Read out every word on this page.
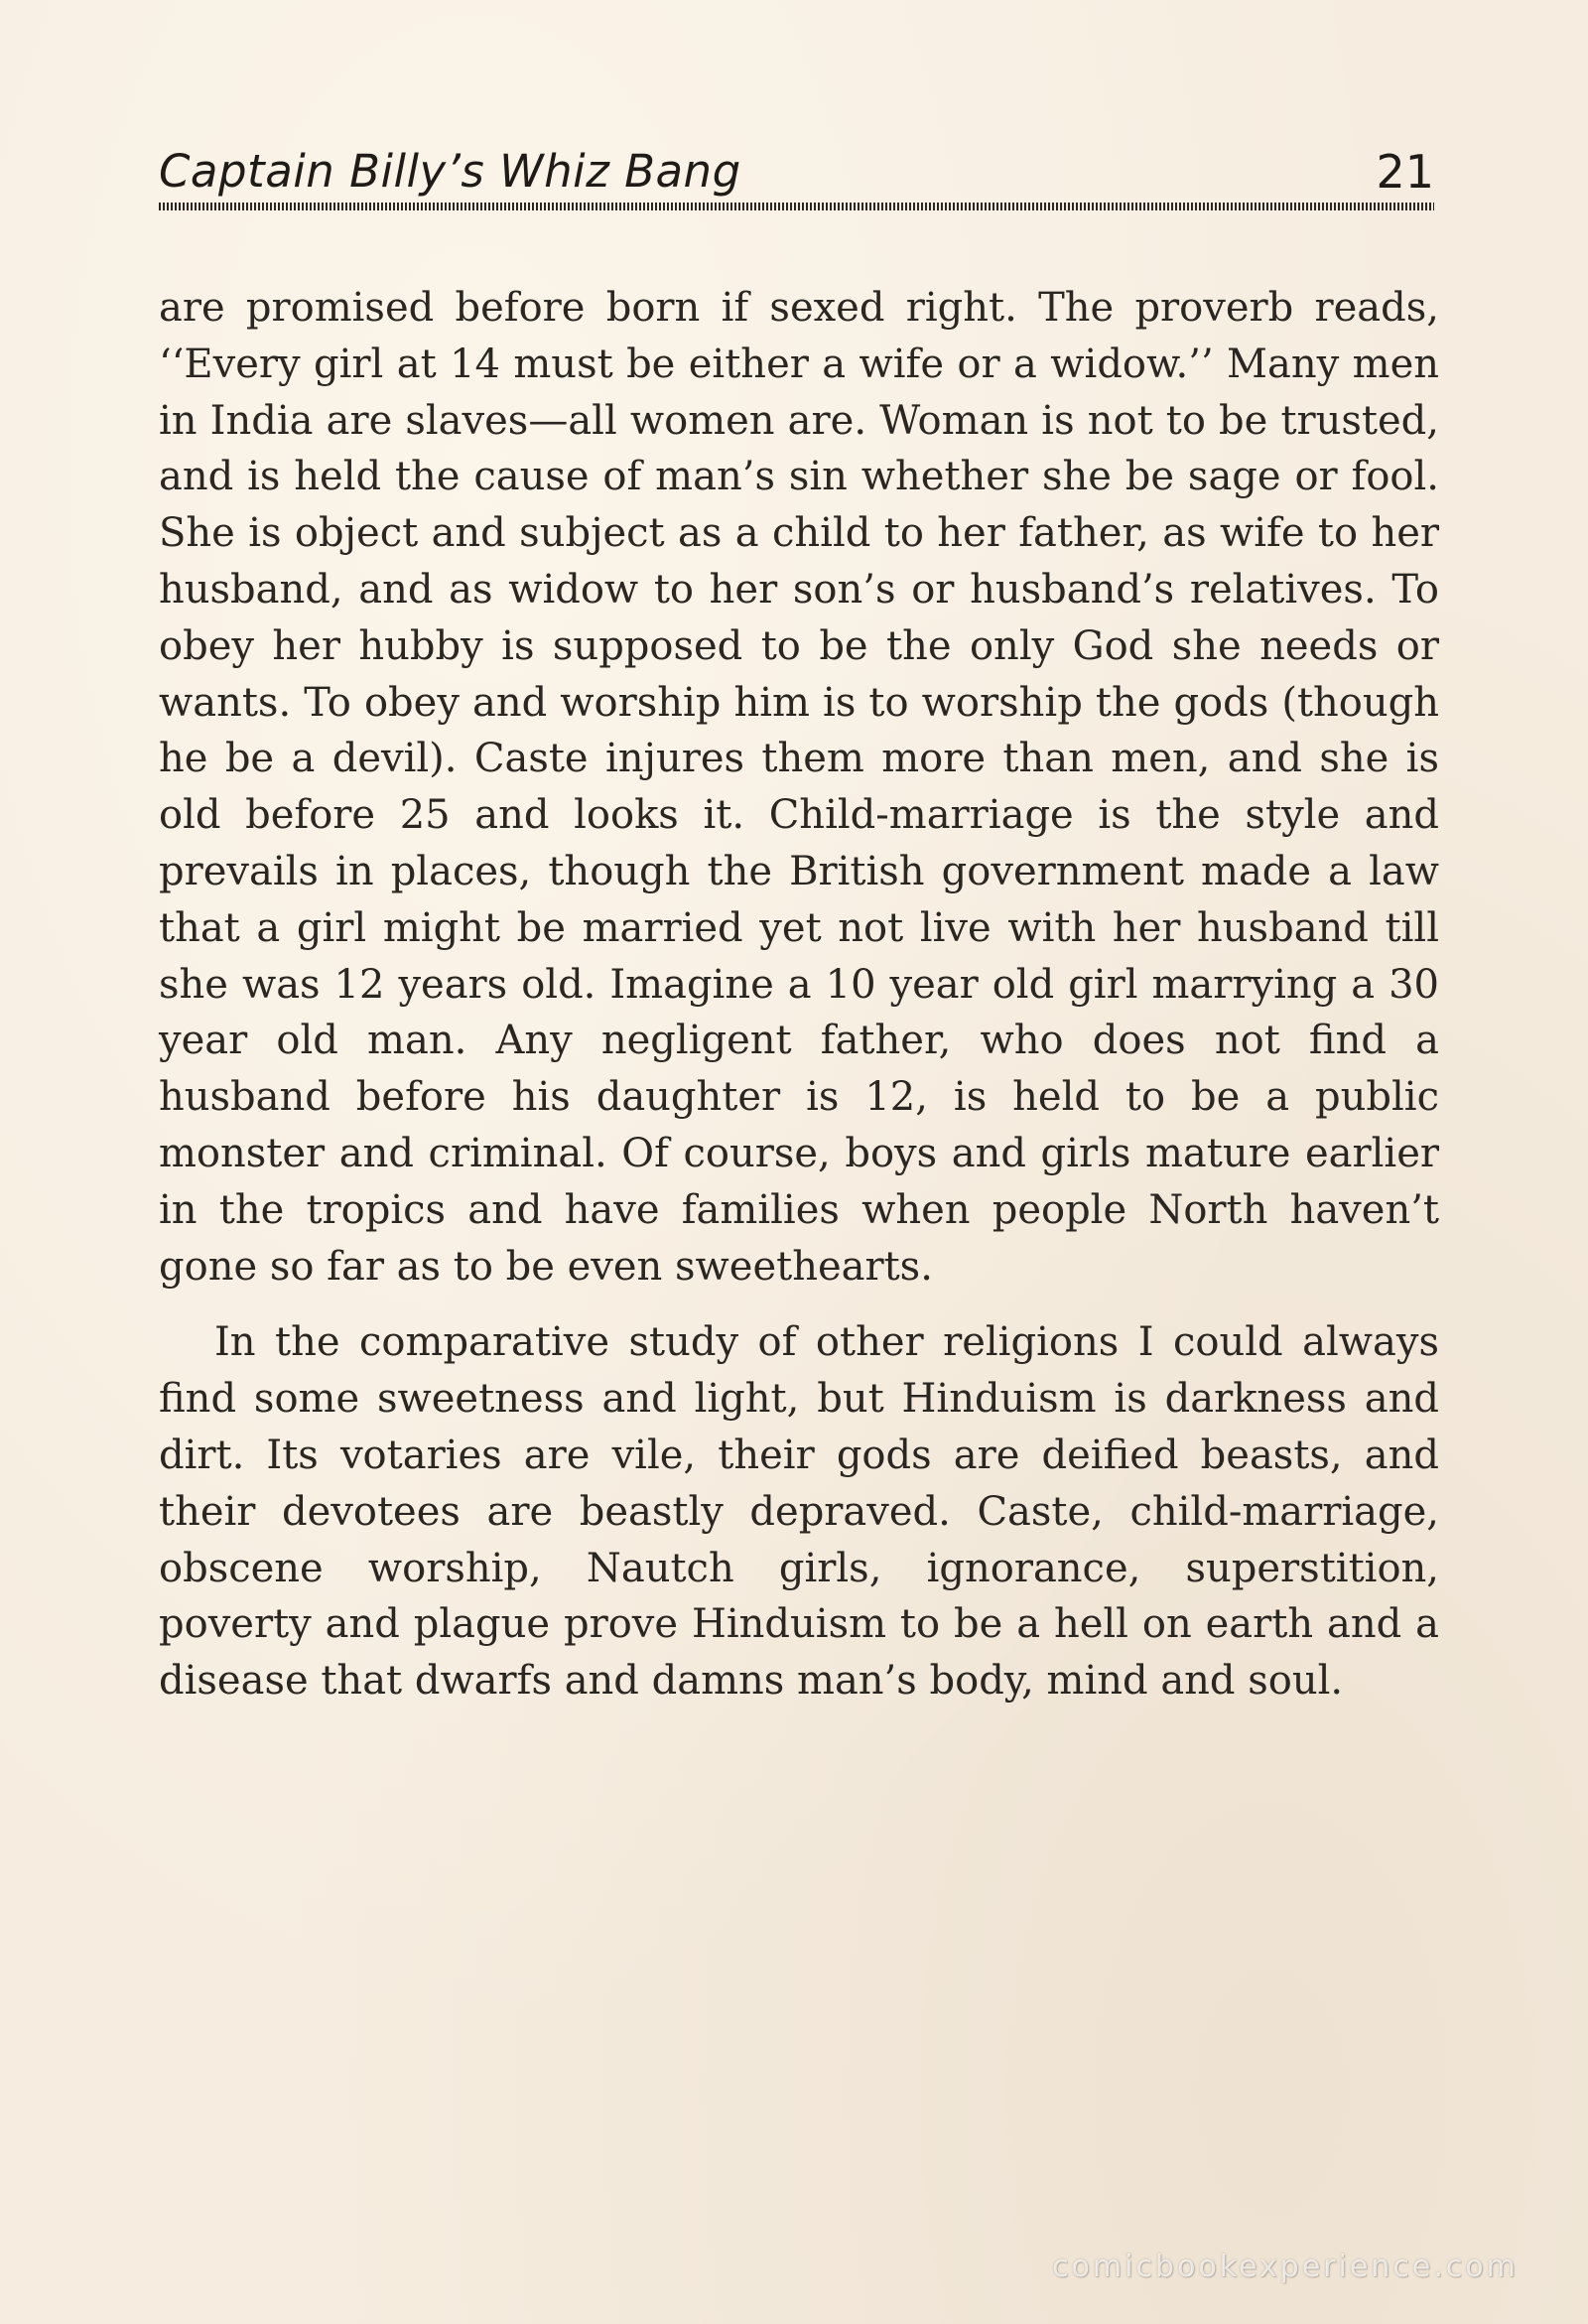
Captain Billy’s Whiz Bang	21

are promised before born if sexed right. The proverb reads, ‘‘Every girl at 14 must be either a wife or a widow.’’ Many men in India are slaves—all women are. Woman is not to be trusted, and is held the cause of man’s sin whether she be sage or fool. She is object and subject as a child to her father, as wife to her husband, and as widow to her son’s or husband’s relatives. To obey her hubby is supposed to be the only God she needs or wants. To obey and worship him is to worship the gods (though he be a devil). Caste injures them more than men, and she is old before 25 and looks it. Child-marriage is the style and prevails in places, though the British government made a law that a girl might be married yet not live with her husband till she was 12 years old. Imagine a 10 year old girl marrying a 30 year old man. Any negligent father, who does not find a husband before his daughter is 12, is held to be a public monster and criminal. Of course, boys and girls mature earlier in the tropics and have families when people North haven’t gone so far as to be even sweethearts.

In the comparative study of other religions I could always find some sweetness and light, but Hinduism is darkness and dirt. Its votaries are vile, their gods are deified beasts, and their devotees are beastly depraved. Caste, child-marriage, obscene worship, Nautch girls, ignorance, superstition, poverty and plague prove Hinduism to be a hell on earth and a disease that dwarfs and damns man’s body, mind and soul.

comicbookexperience.com
